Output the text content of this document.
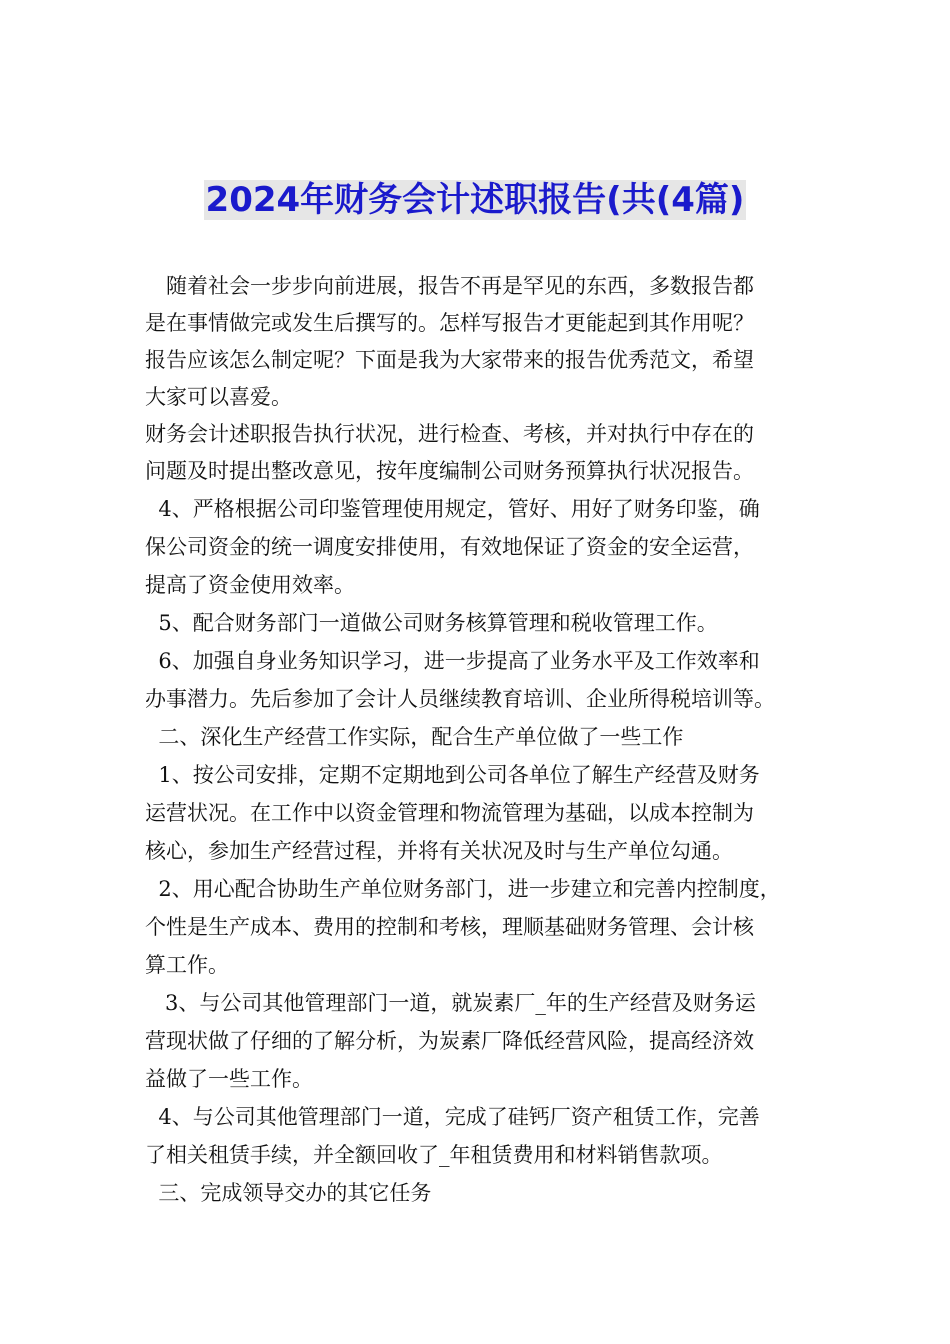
2024年财务会计述职报告(共(4篇)

　随着社会一步步向前进展，报告不再是罕见的东西，多数报告都

是在事情做完或发生后撰写的。怎样写报告才更能起到其作用呢？

报告应该怎么制定呢？下面是我为大家带来的报告优秀范文，希望

大家可以喜爱。

财务会计述职报告执行状况，进行检查、考核，并对执行中存在的

问题及时提出整改意见，按年度编制公司财务预算执行状况报告。

4、严格根据公司印鉴管理使用规定，管好、用好了财务印鉴，确

保公司资金的统一调度安排使用，有效地保证了资金的安全运营，

提高了资金使用效率。

5、配合财务部门一道做公司财务核算管理和税收管理工作。

6、加强自身业务知识学习，进一步提高了业务水平及工作效率和

办事潜力。先后参加了会计人员继续教育培训、企业所得税培训等。

二、深化生产经营工作实际，配合生产单位做了一些工作

1、按公司安排，定期不定期地到公司各单位了解生产经营及财务

运营状况。在工作中以资金管理和物流管理为基础，以成本控制为

核心，参加生产经营过程，并将有关状况及时与生产单位勾通。

2、用心配合协助生产单位财务部门，进一步建立和完善内控制度，

个性是生产成本、费用的控制和考核，理顺基础财务管理、会计核

算工作。

3、与公司其他管理部门一道，就炭素厂_年的生产经营及财务运

营现状做了仔细的了解分析，为炭素厂降低经营风险，提高经济效

益做了一些工作。

4、与公司其他管理部门一道，完成了硅钙厂资产租赁工作，完善

了相关租赁手续，并全额回收了_年租赁费用和材料销售款项。

三、完成领导交办的其它任务
